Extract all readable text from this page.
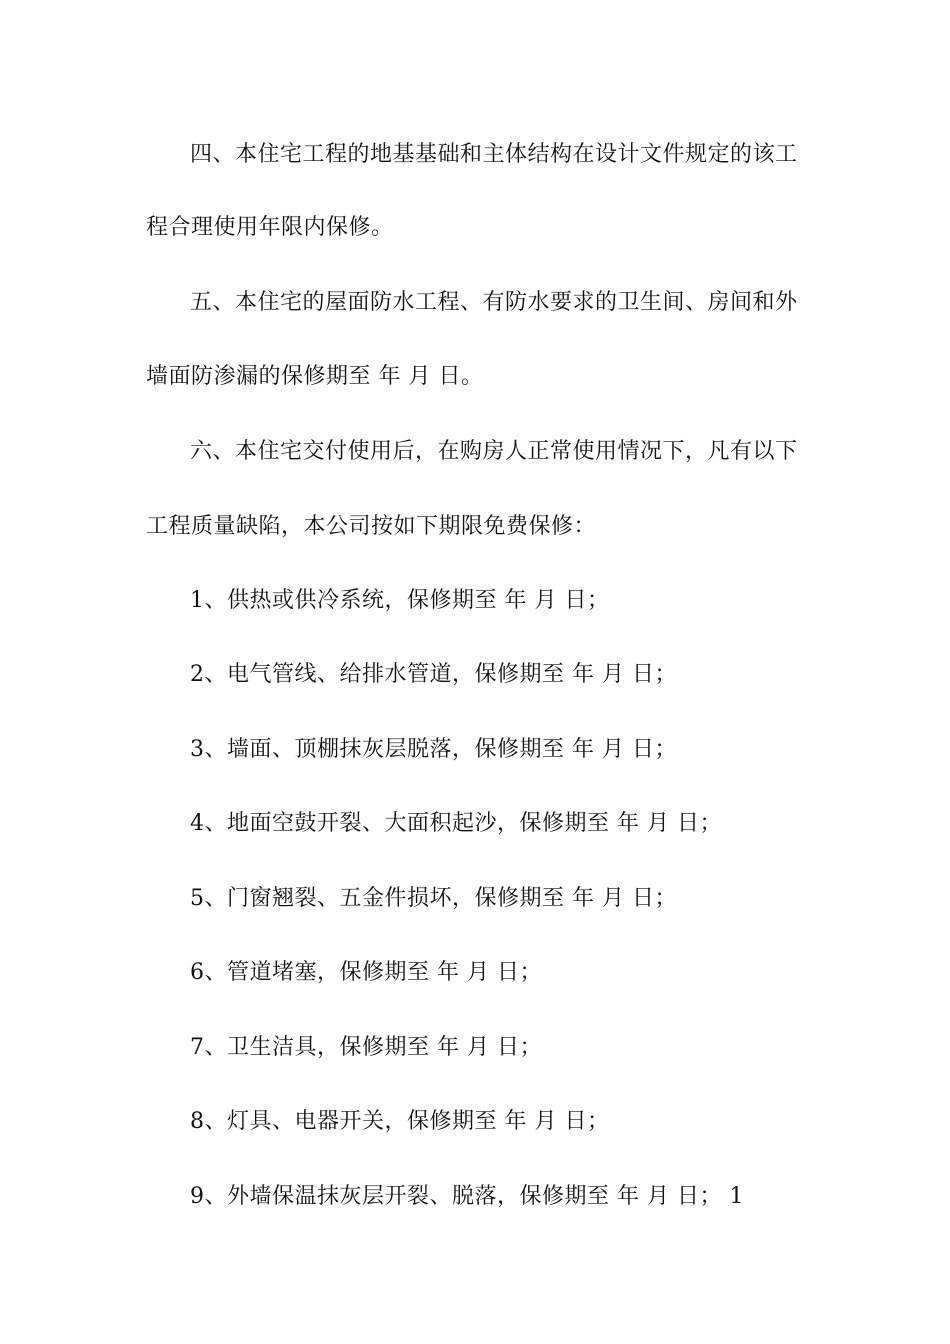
四、本住宅工程的地基基础和主体结构在设计文件规定的该工
程合理使用年限内保修。
五、本住宅的屋面防水工程、有防水要求的卫生间、房间和外
墙面防渗漏的保修期至 年 月 日。
六、本住宅交付使用后，在购房人正常使用情况下，凡有以下
工程质量缺陷，本公司按如下期限免费保修：
1、供热或供冷系统，保修期至 年 月 日；
2、电气管线、给排水管道，保修期至 年 月 日；
3、墙面、顶棚抹灰层脱落，保修期至 年 月 日；
4、地面空鼓开裂、大面积起沙，保修期至 年 月 日；
5、门窗翘裂、五金件损坏，保修期至 年 月 日；
6、管道堵塞，保修期至 年 月 日；
7、卫生洁具，保修期至 年 月 日；
8、灯具、电器开关，保修期至 年 月 日；
9、外墙保温抹灰层开裂、脱落，保修期至 年 月 日； 1
